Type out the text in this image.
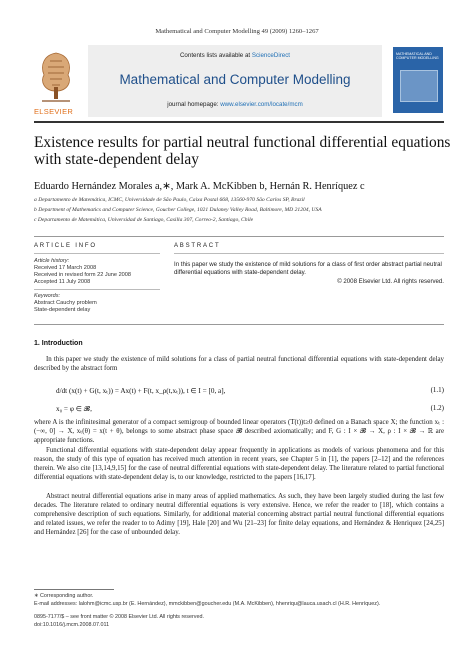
Mathematical and Computer Modelling 49 (2009) 1260–1267
ELSEVIER
Contents lists available at ScienceDirect
Mathematical and Computer Modelling
journal homepage: www.elsevier.com/locate/mcm
MATHEMATICAL AND COMPUTER MODELLING
Existence results for partial neutral functional differential equations with state-dependent delay
Eduardo Hernández Morales a,∗, Mark A. McKibben b, Hernán R. Henríquez c
a Departamento de Matemática, ICMC, Universidade de São Paulo, Caixa Postal 668, 13560-970 São Carlos SP, Brazil
b Department of Mathematics and Computer Science, Goucher College, 1021 Dulaney Valley Road, Baltimore, MD 21204, USA
c Departamento de Matemática, Universidad de Santiago, Casilla 307, Correo-2, Santiago, Chile
ARTICLE INFO
Article history:
Received 17 March 2008
Received in revised form 22 June 2008
Accepted 11 July 2008
Keywords:
Abstract Cauchy problem
State-dependent delay
ABSTRACT
In this paper we study the existence of mild solutions for a class of first order abstract partial neutral differential equations with state-dependent delay.
© 2008 Elsevier Ltd. All rights reserved.
1. Introduction

In this paper we study the existence of mild solutions for a class of partial neutral functional differential equations with state-dependent delay described by the abstract form

d/dt (x(t) + G(t, xₜ)) = Ax(t) + F(t, x_ρ(t,xₜ)), t ∈ I = [0, a],	(1.1)
x₀ = φ ∈ 𝓑,	(1.2)

where A is the infinitesimal generator of a compact semigroup of bounded linear operators (T(t))t≥0 defined on a Banach space X; the function xₜ : (−∞, 0] → X, xₜ(θ) = x(t + θ), belongs to some abstract phase space 𝓑 described axiomatically; and F, G : I × 𝓑 → X, ρ : I × 𝓑 → ℝ are appropriate functions.

Functional differential equations with state-dependent delay appear frequently in applications as models of various phenomena and for this reason, the study of this type of equation has received much attention in recent years, see Chapter 5 in [1], the papers [2–12] and the references therein. We also cite [13,14,9,15] for the case of neutral differential equations with state-dependent delay. The literature related to partial functional differential equations with state-dependent delay is, to our knowledge, restricted to the papers [16,17].

Abstract neutral differential equations arise in many areas of applied mathematics. As such, they have been largely studied during the last few decades. The literature related to ordinary neutral differential equations is very extensive. Hence, we refer the reader to [18], which contains a comprehensive description of such equations. Similarly, for additional material concerning abstract partial neutral functional differential equations and related issues, we refer the reader to to Adimy [19], Hale [20] and Wu [21–23] for finite delay equations, and Hernández & Henriquez [24,25] and Hernández [26] for the case of unbounded delay.

∗ Corresponding author.
E-mail addresses: lalohm@icmc.usp.br (E. Hernández), mmckibben@goucher.edu (M.A. McKibben), hhenriqu@lauca.usach.cl (H.R. Henríquez).
0895-7177/$ – see front matter © 2008 Elsevier Ltd. All rights reserved.
doi:10.1016/j.mcm.2008.07.011
